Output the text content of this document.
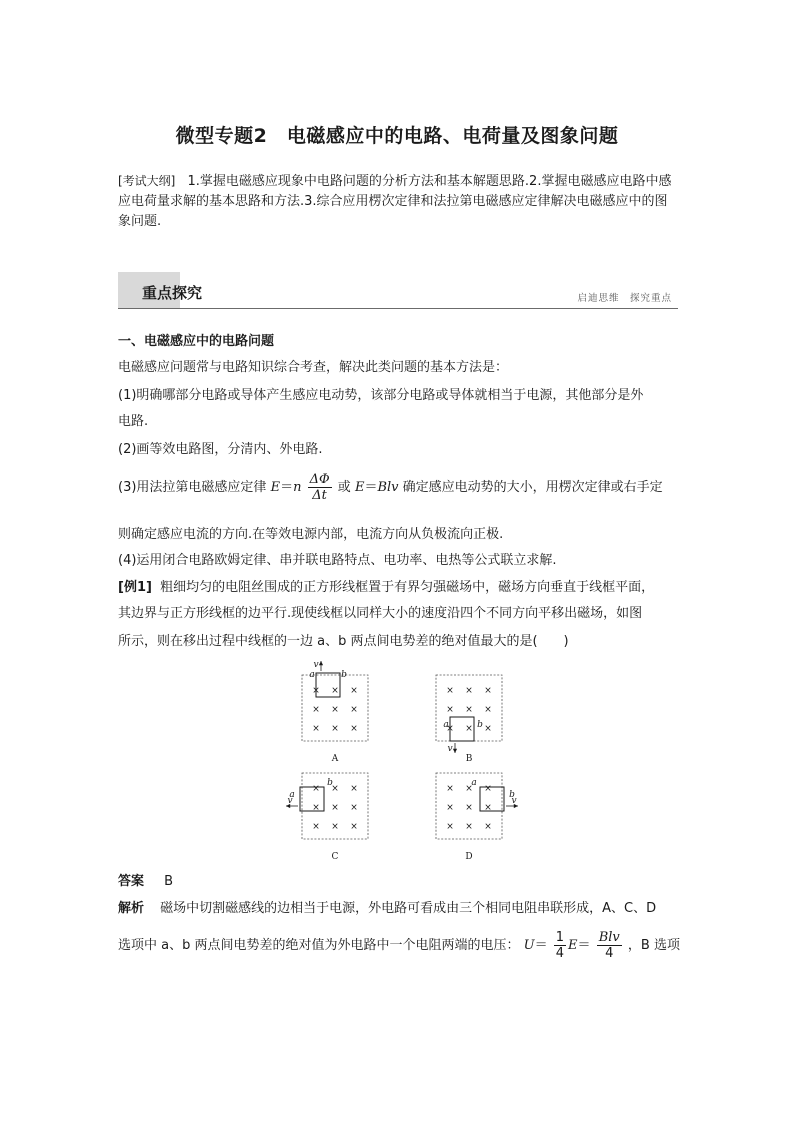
微型专题2　电磁感应中的电路、电荷量及图象问题
[考试大纲] 1.掌握电磁感应现象中电路问题的分析方法和基本解题思路.2.掌握电磁感应电路中感应电荷量求解的基本思路和方法.3.综合应用楞次定律和法拉第电磁感应定律解决电磁感应中的图象问题.
重点探究	启迪思维　探究重点
一、电磁感应中的电路问题
电磁感应问题常与电路知识综合考查，解决此类问题的基本方法是：
(1)明确哪部分电路或导体产生感应电动势，该部分电路或导体就相当于电源，其他部分是外
电路.
(2)画等效电路图，分清内、外电路.
(3)用法拉第电磁感应定律 $E=n \frac{\Delta\Phi}{\Delta t}$ 或 E＝Blv 确定感应电动势的大小，用楞次定律或右手定
则确定感应电流的方向.在等效电源内部，电流方向从负极流向正极.
(4)运用闭合电路欧姆定律、串并联电路特点、电功率、电热等公式联立求解.
[例1] 粗细均匀的电阻丝围成的正方形线框置于有界匀强磁场中，磁场方向垂直于线框平面，
其边界与正方形线框的边平行.现使线框以同样大小的速度沿四个不同方向平移出磁场，如图
所示，则在移出过程中线框的一边 a、b 两点间电势差的绝对值最大的是(　　)
× × ×
× × ×
× × ×
a	b
v
A
× × ×
× × ×
× × ×
a	b
v
B
× × ×
× × ×
× × ×
a
b
v
C
× × ×
× × ×
× × ×
a
b
v
D
答案 B
解析 磁场中切割磁感线的边相当于电源，外电路可看成由三个相同电阻串联形成，A、C、D
选项中 a、b 两点间电势差的绝对值为外电路中一个电阻两端的电压： $U= \frac{1}{4} E= \frac{\text{Blv}}{4}$ ，B 选项
